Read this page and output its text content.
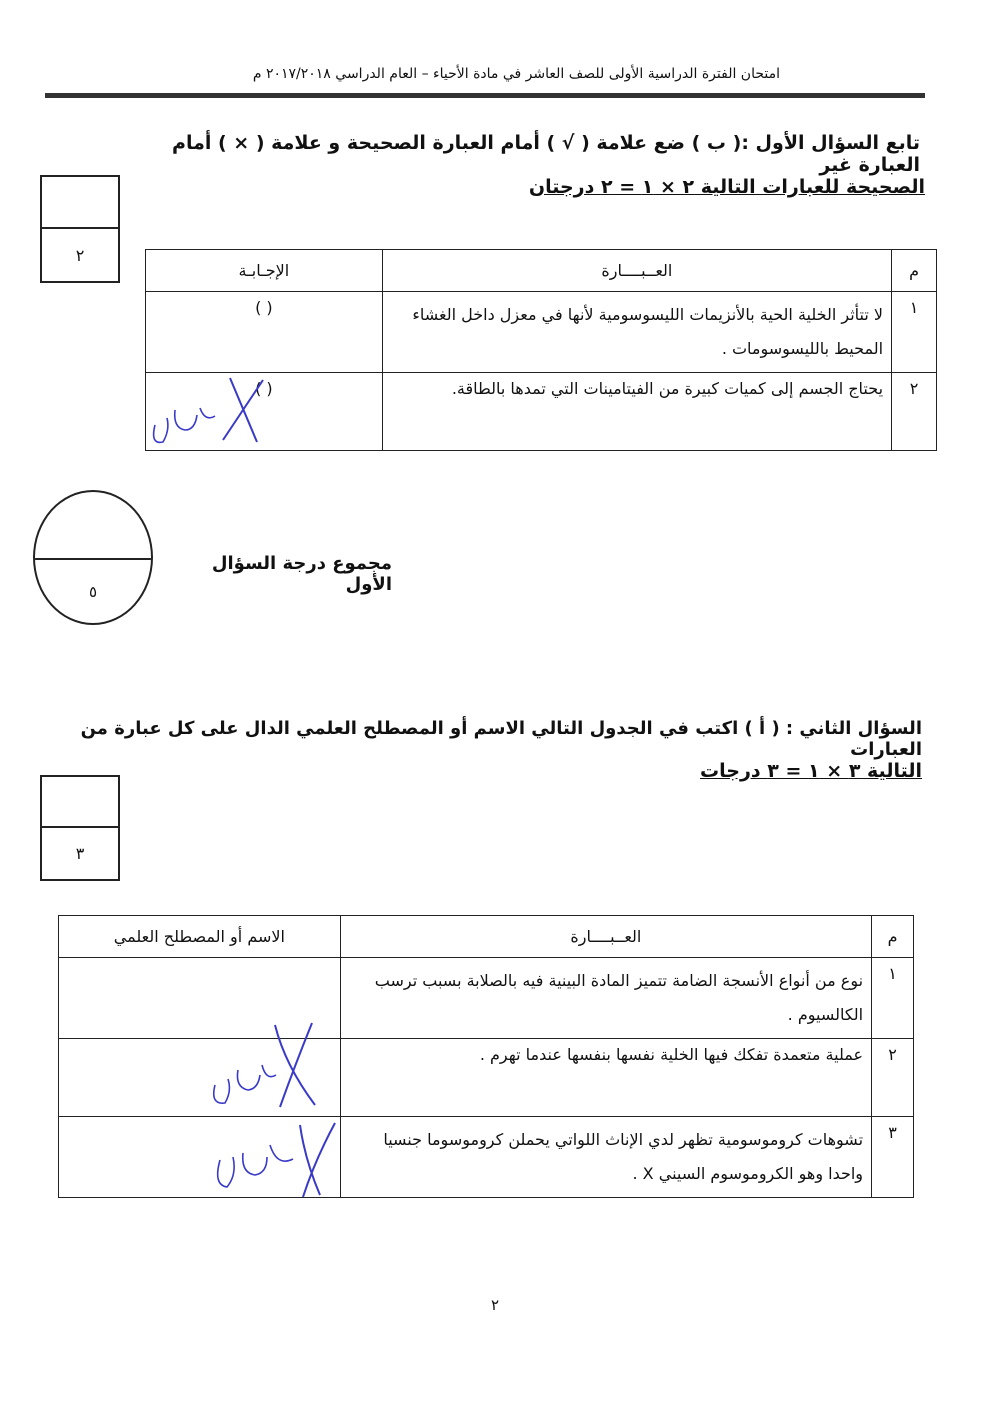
امتحان الفترة الدراسية الأولى للصف العاشر في مادة الأحياء – العام الدراسي ٢٠١٧/٢٠١٨ م
تابع السؤال الأول :( ب ) ضع علامة ( √ ) أمام العبارة الصحيحة و علامة ( × ) أمام العبارة غير
الصحيحة للعبارات التالية ٢ × ١ = ٢ درجتان
٢
م	العــبــــارة	الإجـابـة
١	لا تتأثر الخلية الحية بالأنزيمات الليسوسومية لأنها في معزل داخل الغشاء المحيط بالليسوسومات .	( )
٢	يحتاج الجسم إلى كميات كبيرة من الفيتامينات التي تمدها بالطاقة.	( )
٥
مجموع درجة السؤال الأول
السؤال الثاني : ( أ ) اكتب في الجدول التالي الاسم أو المصطلح العلمي الدال على كل عبارة من العبارات
التالية ٣ × ١ = ٣ درجات
٣
م	العــبــــارة	الاسم أو المصطلح العلمي
١	نوع من أنواع الأنسجة الضامة تتميز المادة البينية فيه بالصلابة بسبب ترسب الكالسيوم .	
٢	عملية متعمدة تفكك فيها الخلية نفسها بنفسها عندما تهرم .	
٣	تشوهات كروموسومية تظهر لدي الإناث اللواتي يحملن كروموسوما جنسيا واحدا وهو الكروموسوم السيني X .	
٢
